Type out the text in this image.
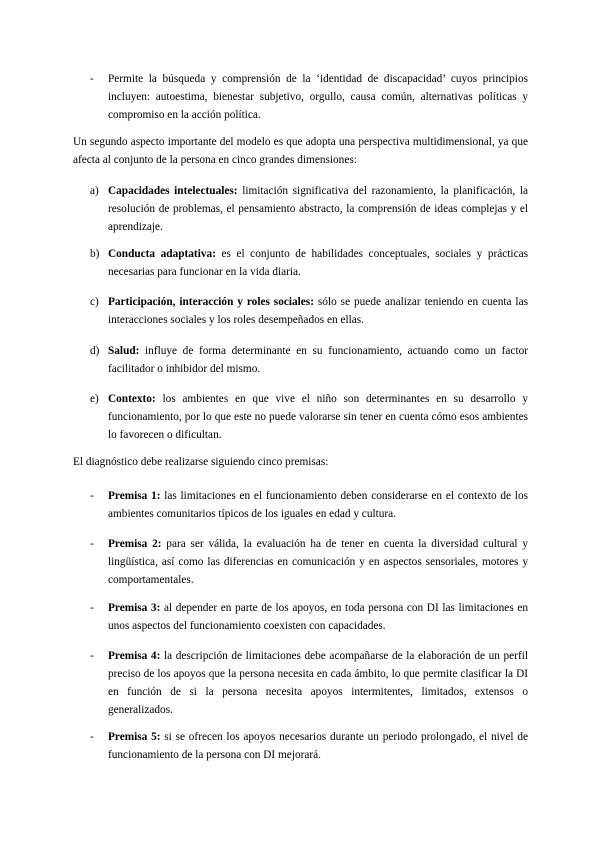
-	Permite la búsqueda y comprensión de la ‘identidad de discapacidad’ cuyos principios incluyen: autoestima, bienestar subjetivo, orgullo, causa común, alternativas políticas y compromiso en la acción política.
Un segundo aspecto importante del modelo es que adopta una perspectiva multidimensional, ya que afecta al conjunto de la persona en cinco grandes dimensiones:
a) Capacidades intelectuales: limitación significativa del razonamiento, la planificación, la resolución de problemas, el pensamiento abstracto, la comprensión de ideas complejas y el aprendizaje.
b) Conducta adaptativa: es el conjunto de habilidades conceptuales, sociales y prácticas necesarias para funcionar en la vida diaria.
c) Participación, interacción y roles sociales: sólo se puede analizar teniendo en cuenta las interacciones sociales y los roles desempeñados en ellas.
d) Salud: influye de forma determinante en su funcionamiento, actuando como un factor facilitador o inhibidor del mismo.
e) Contexto: los ambientes en que vive el niño son determinantes en su desarrollo y funcionamiento, por lo que este no puede valorarse sin tener en cuenta cómo esos ambientes lo favorecen o dificultan.
El diagnóstico debe realizarse siguiendo cinco premisas:
-	Premisa 1: las limitaciones en el funcionamiento deben considerarse en el contexto de los ambientes comunitarios típicos de los iguales en edad y cultura.
-	Premisa 2: para ser válida, la evaluación ha de tener en cuenta la diversidad cultural y lingüística, así como las diferencias en comunicación y en aspectos sensoriales, motores y comportamentales.
-	Premisa 3: al depender en parte de los apoyos, en toda persona con DI las limitaciones en unos aspectos del funcionamiento coexisten con capacidades.
-	Premisa 4: la descripción de limitaciones debe acompañarse de la elaboración de un perfil preciso de los apoyos que la persona necesita en cada ámbito, lo que permite clasificar la DI en función de si la persona necesita apoyos intermitentes, limitados, extensos o generalizados.
-	Premisa 5: si se ofrecen los apoyos necesarios durante un periodo prolongado, el nivel de funcionamiento de la persona con DI mejorará.
